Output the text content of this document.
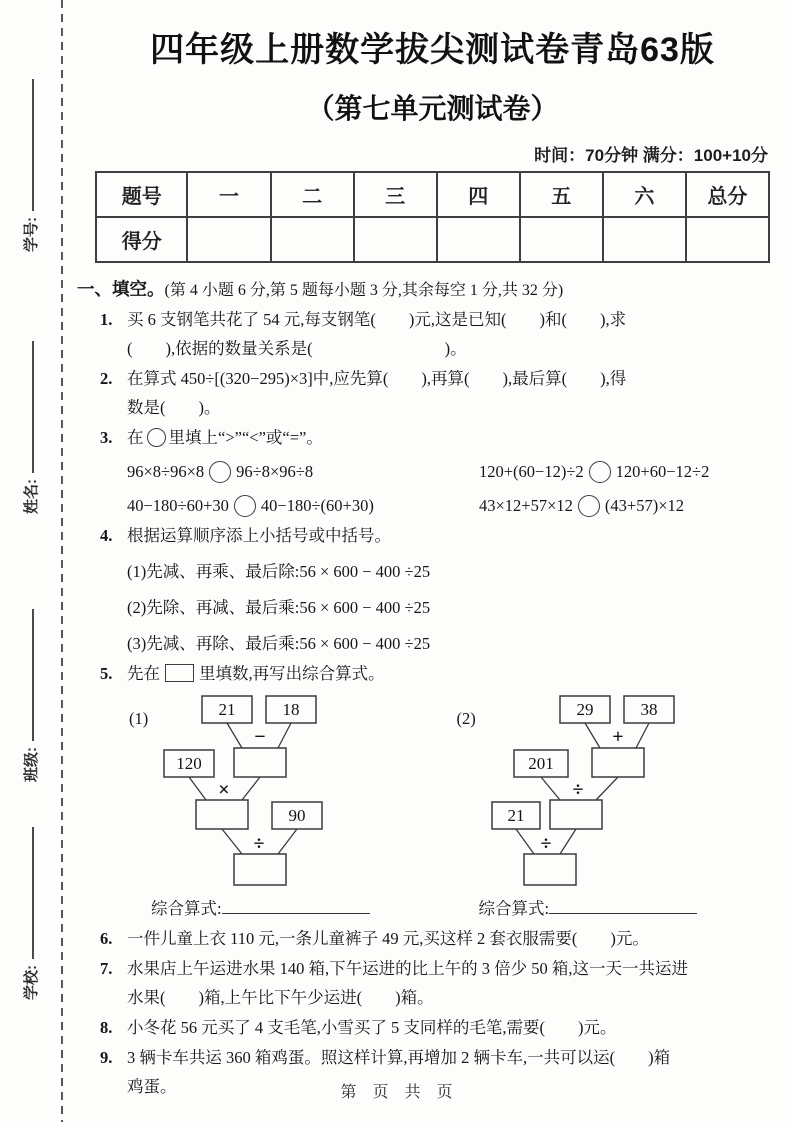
学号:
姓名:
班级:
学校:
四年级上册数学拔尖测试卷青岛63版
（第七单元测试卷）
时间：70分钟 满分：100+10分
题号	一	二	三	四	五	六	总分
得分							
一、填空。(第 4 小题 6 分,第 5 题每小题 3 分,其余每空 1 分,共 32 分)
1. 买 6 支钢笔共花了 54 元,每支钢笔(　　)元,这是已知(　　)和(　　),求
(　　),依据的数量关系是(　　　　　　　　)。
2. 在算式 450÷[(320−295)×3]中,应先算(　　),再算(　　),最后算(　　),得
数是(　　)。
3. 在 里填上“>”“<”或“=”。
96×8÷96×8 96÷8×96÷8	120+(60−12)÷2 120+60−12÷2
40−180÷60+30 40−180÷(60+30)	43×12+57×12 (43+57)×12
4. 根据运算顺序添上小括号或中括号。
(1)先减、再乘、最后除:56 × 600 − 400 ÷25
(2)先除、再减、最后乘:56 × 600 − 400 ÷25
(3)先减、再除、最后乘:56 × 600 − 400 ÷25
5. 先在 里填数,再写出综合算式。
(1)	21	18
−
120
×
90
÷
综合算式:
(2)	29	38
+
201
÷
21
÷
综合算式:
6. 一件儿童上衣 110 元,一条儿童裤子 49 元,买这样 2 套衣服需要(　　)元。
7. 水果店上午运进水果 140 箱,下午运进的比上午的 3 倍少 50 箱,这一天一共运进
水果(　　)箱,上午比下午少运进(　　)箱。
8. 小冬花 56 元买了 4 支毛笔,小雪买了 5 支同样的毛笔,需要(　　)元。
9. 3 辆卡车共运 360 箱鸡蛋。照这样计算,再增加 2 辆卡车,一共可以运(　　)箱
鸡蛋。	第　页　共　页
